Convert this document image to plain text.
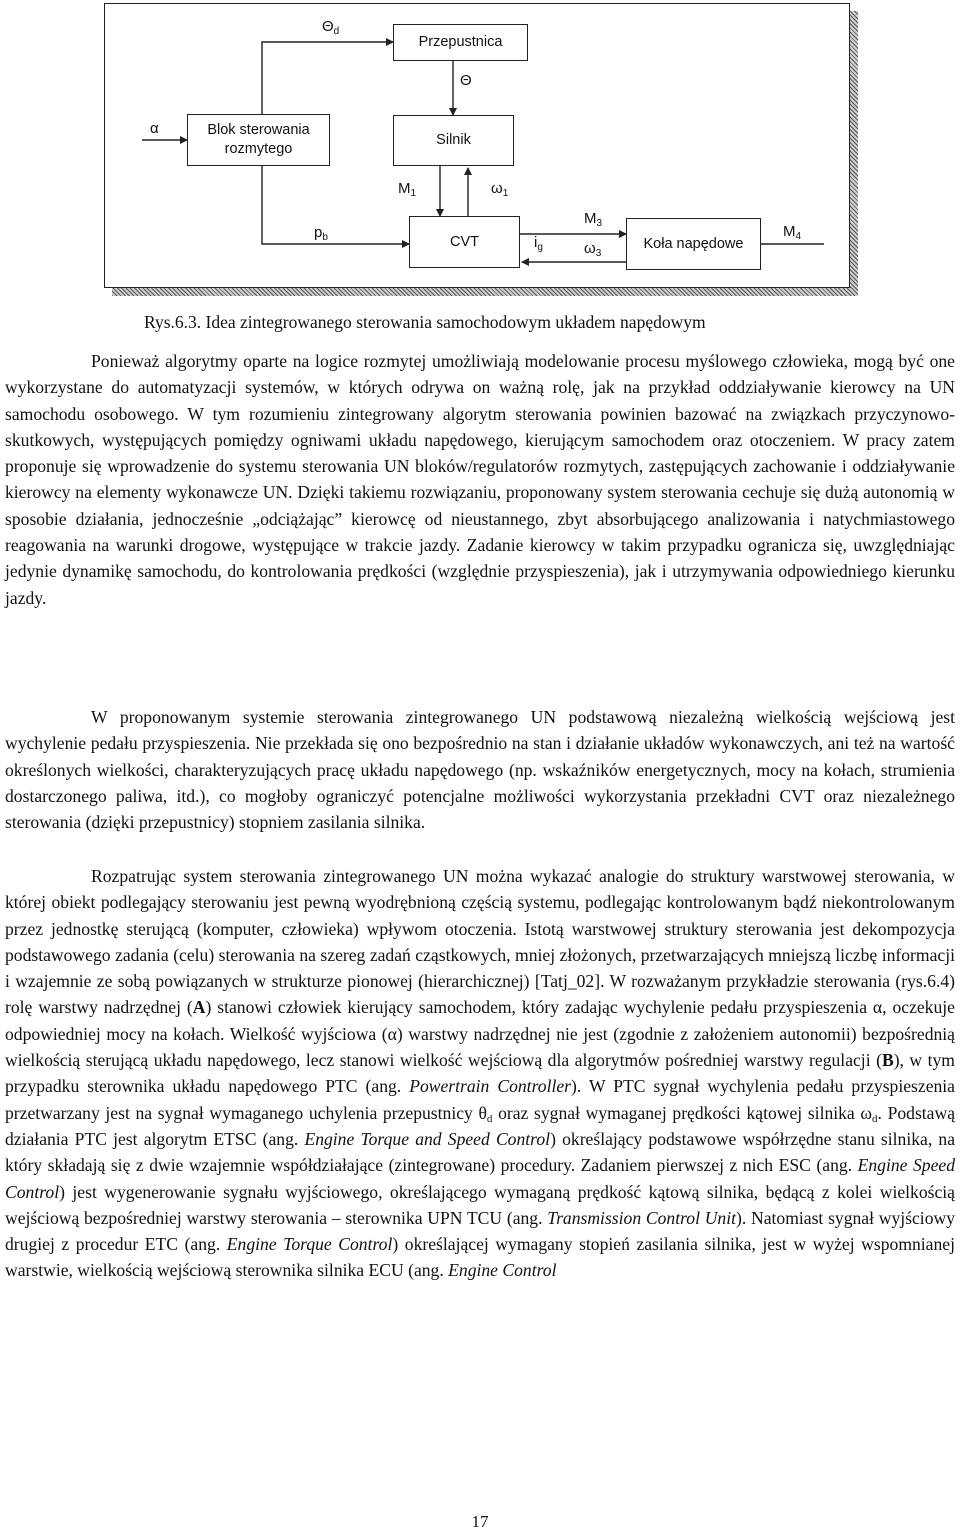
Przepustnica
Blok sterowania rozmytego
Silnik
CVT	Koła napędowe
$\Theta_d$
Θ
α
$M_1$	$\omega_1$
$p_b$	$i_g$
$M_3$
$\omega_3$
$M_4$
Rys.6.3. Idea zintegrowanego sterowania samochodowym układem napędowym

Ponieważ algorytmy oparte na logice rozmytej umożliwiają modelowanie procesu myślowego człowieka, mogą być one wykorzystane do automatyzacji systemów, w których odrywa on ważną rolę, jak na przykład oddziaływanie kierowcy na UN samochodu osobowego. W tym rozumieniu zintegrowany algorytm sterowania powinien bazować na związkach przyczynowo-skutkowych, występujących pomiędzy ogniwami układu napędowego, kierującym samochodem oraz otoczeniem. W pracy zatem proponuje się wprowadzenie do systemu sterowania UN bloków/regulatorów rozmytych, zastępujących zachowanie i oddziaływanie kierowcy na elementy wykonawcze UN. Dzięki takiemu rozwiązaniu, proponowany system sterowania cechuje się dużą autonomią w sposobie działania, jednocześnie „odciążając” kierowcę od nieustannego, zbyt absorbującego analizowania i natychmiastowego reagowania na warunki drogowe, występujące w trakcie jazdy. Zadanie kierowcy w takim przypadku ogranicza się, uwzględniając jedynie dynamikę samochodu, do kontrolowania prędkości (względnie przyspieszenia), jak i utrzymywania odpowiedniego kierunku jazdy.

W proponowanym systemie sterowania zintegrowanego UN podstawową niezależną wielkością wejściową jest wychylenie pedału przyspieszenia. Nie przekłada się ono bezpośrednio na stan i działanie układów wykonawczych, ani też na wartość określonych wielkości, charakteryzujących pracę układu napędowego (np. wskaźników energetycznych, mocy na kołach, strumienia dostarczonego paliwa, itd.), co mogłoby ograniczyć potencjalne możliwości wykorzystania przekładni CVT oraz niezależnego sterowania (dzięki przepustnicy) stopniem zasilania silnika.

Rozpatrując system sterowania zintegrowanego UN można wykazać analogie do struktury warstwowej sterowania, w której obiekt podlegający sterowaniu jest pewną wyodrębnioną częścią systemu, podlegając kontrolowanym bądź niekontrolowanym przez jednostkę sterującą (komputer, człowieka) wpływom otoczenia. Istotą warstwowej struktury sterowania jest dekompozycja podstawowego zadania (celu) sterowania na szereg zadań cząstkowych, mniej złożonych, przetwarzających mniejszą liczbę informacji i wzajemnie ze sobą powiązanych w strukturze pionowej (hierarchicznej) [Tatj_02]. W rozważanym przykładzie sterowania (rys.6.4) rolę warstwy nadrzędnej (A) stanowi człowiek kierujący samochodem, który zadając wychylenie pedału przyspieszenia α, oczekuje odpowiedniej mocy na kołach. Wielkość wyjściowa (α) warstwy nadrzędnej nie jest (zgodnie z założeniem autonomii) bezpośrednią wielkością sterującą układu napędowego, lecz stanowi wielkość wejściową dla algorytmów pośredniej warstwy regulacji (B), w tym przypadku sterownika układu napędowego PTC (ang. Powertrain Controller). W PTC sygnał wychylenia pedału przyspieszenia przetwarzany jest na sygnał wymaganego uchylenia przepustnicy $\theta_d$ oraz sygnał wymaganej prędkości kątowej silnika $\omega_d$. Podstawą działania PTC jest algorytm ETSC (ang. Engine Torque and Speed Control) określający podstawowe współrzędne stanu silnika, na który składają się z dwie wzajemnie współdziałające (zintegrowane) procedury. Zadaniem pierwszej z nich ESC (ang. Engine Speed Control) jest wygenerowanie sygnału wyjściowego, określającego wymaganą prędkość kątową silnika, będącą z kolei wielkością wejściową bezpośredniej warstwy sterowania – sterownika UPN TCU (ang. Transmission Control Unit). Natomiast sygnał wyjściowy drugiej z procedur ETC (ang. Engine Torque Control) określającej wymagany stopień zasilania silnika, jest w wyżej wspomnianej warstwie, wielkością wejściową sterownika silnika ECU (ang. Engine Control

17
